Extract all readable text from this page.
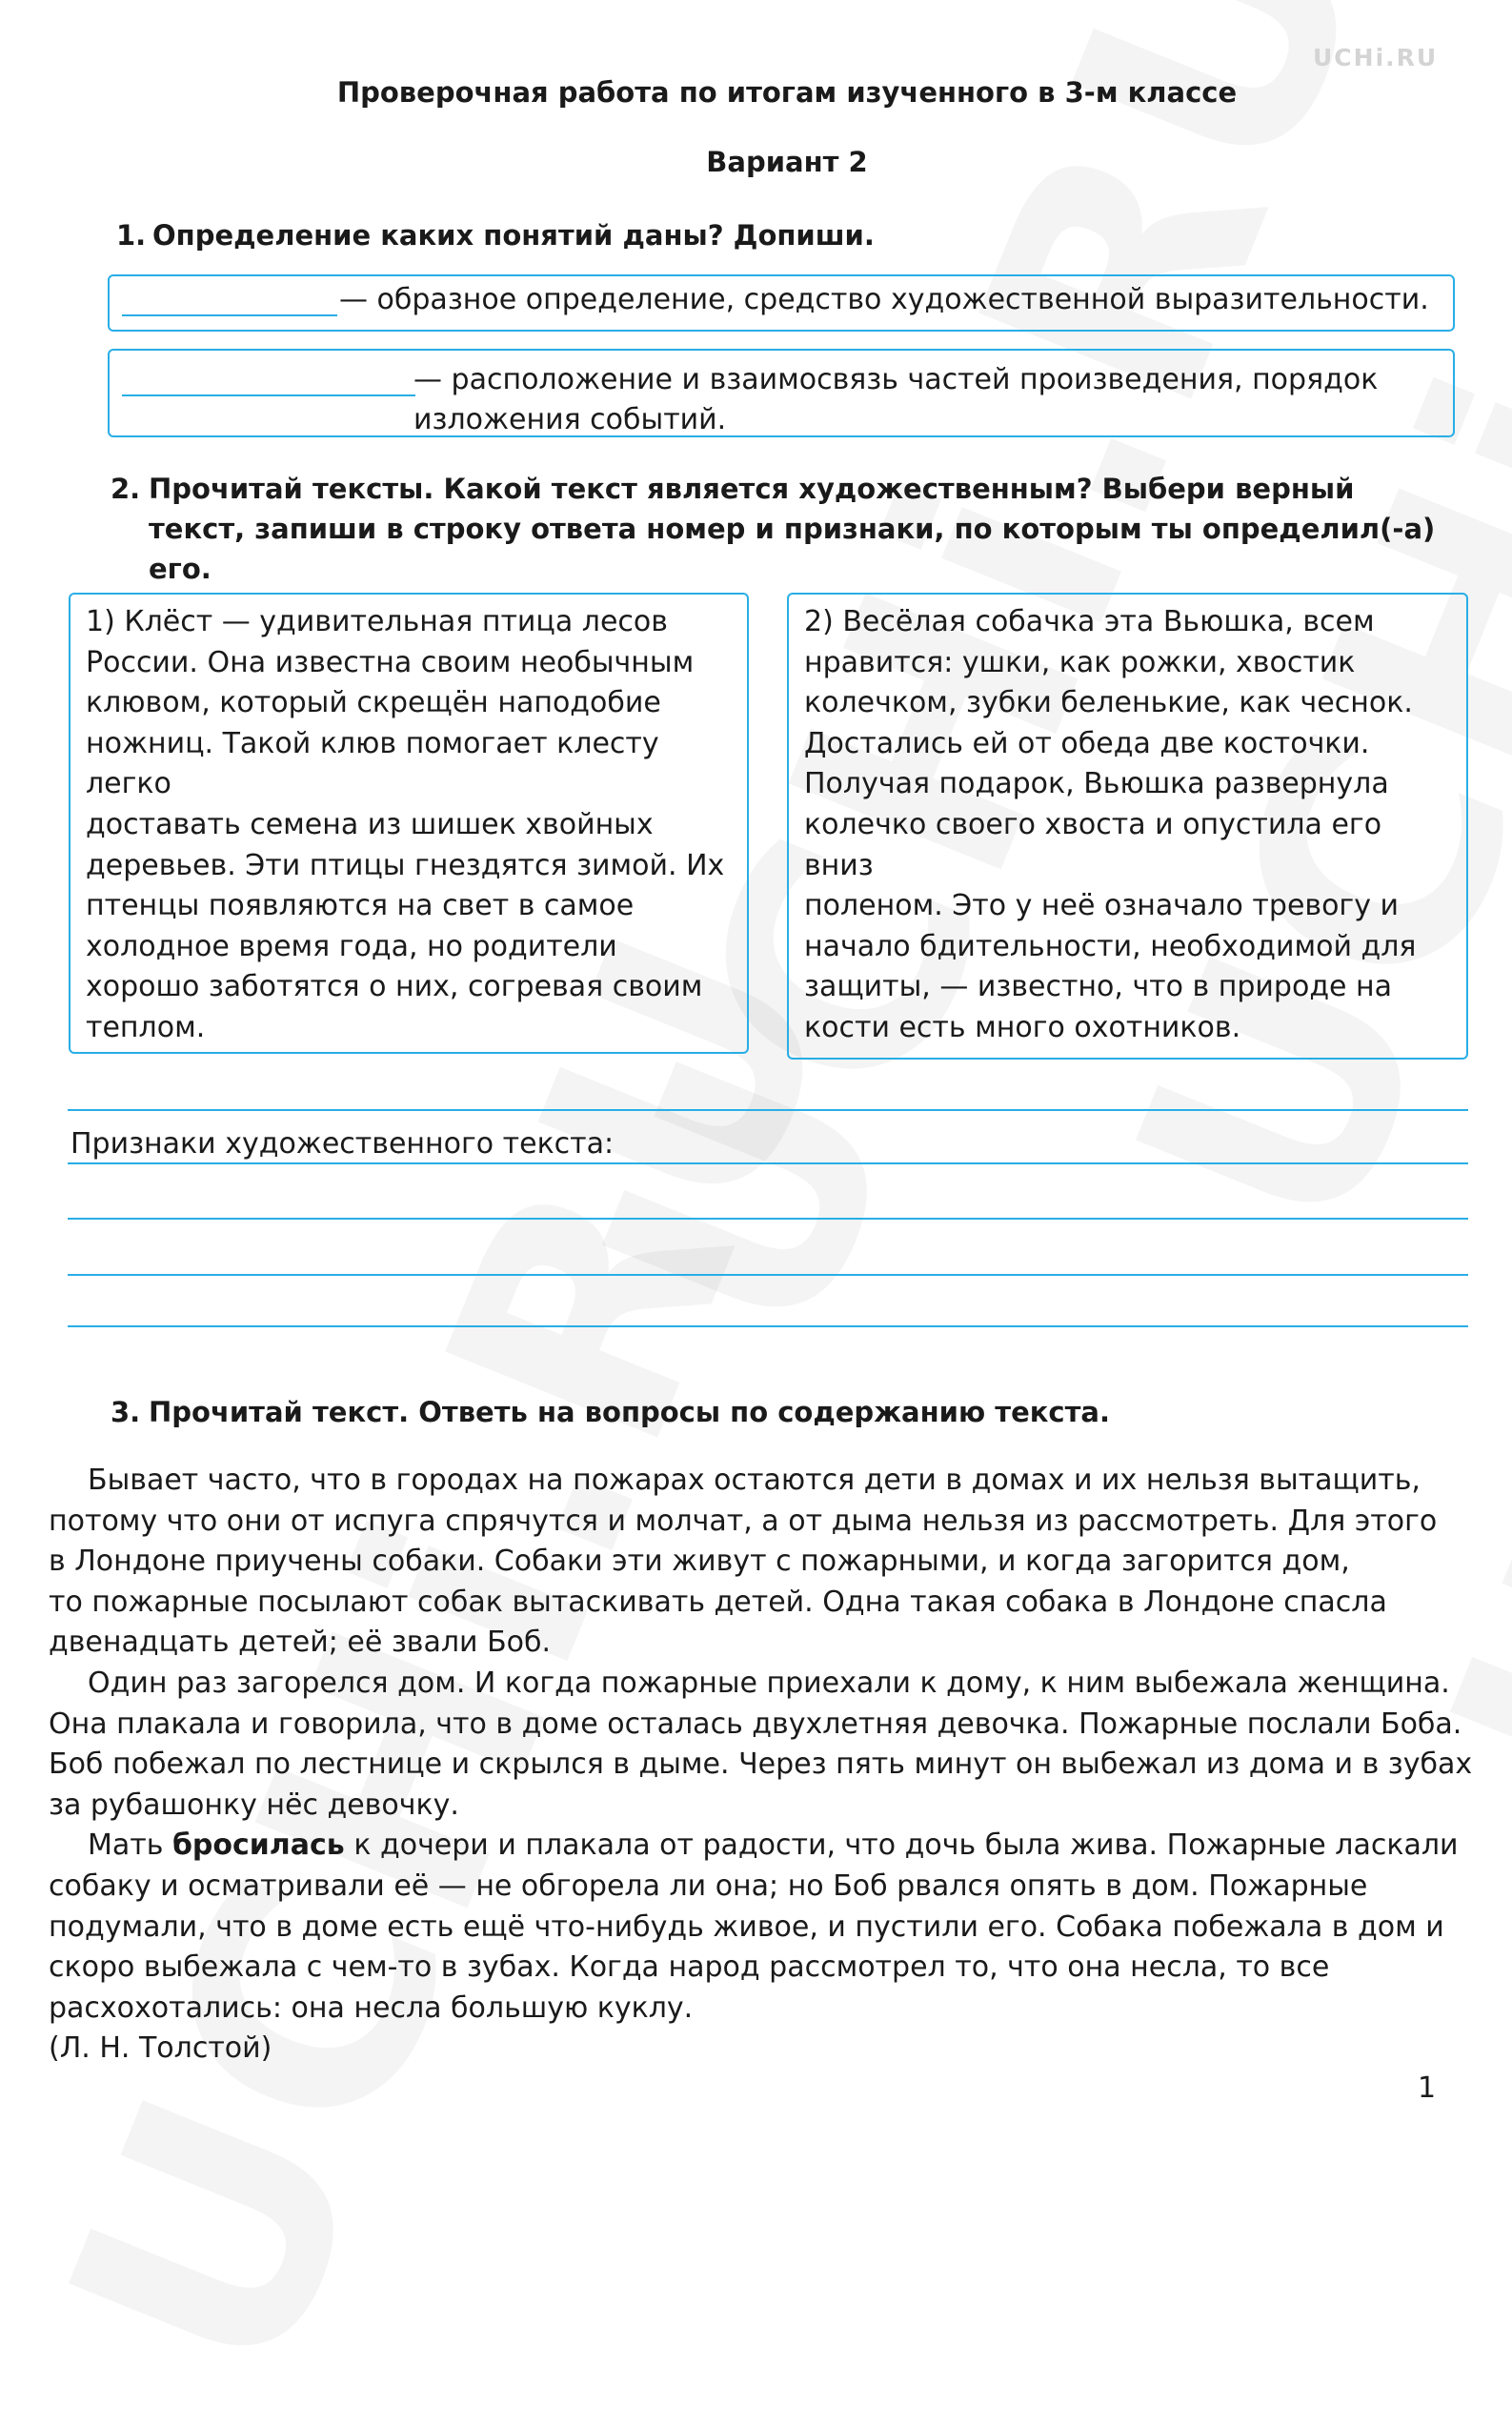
UCHi.RU
Проверочная работа по итогам изученного в 3-м классе
Вариант 2
1. Определение каких понятий даны? Допиши.
— образное определение, средство художественной выразительности.
— расположение и взаимосвязь частей произведения, порядок
изложения событий.
2. Прочитай тексты. Какой текст является художественным? Выбери верный
текст, запиши в строку ответа номер и признаки, по которым ты определил(-а)
его.
1) Клёст — удивительная птица лесов
России. Она известна своим необычным
клювом, который скрещён наподобие
ножниц. Такой клюв помогает клесту легко
доставать семена из шишек хвойных
деревьев. Эти птицы гнездятся зимой. Их
птенцы появляются на свет в самое
холодное время года, но родители
хорошо заботятся о них, согревая своим
теплом.
2) Весёлая собачка эта Вьюшка, всем
нравится: ушки, как рожки, хвостик
колечком, зубки беленькие, как чеснок.
Достались ей от обеда две косточки.
Получая подарок, Вьюшка развернула
колечко своего хвоста и опустила его вниз
поленом. Это у неё означало тревогу и
начало бдительности, необходимой для
защиты, — известно, что в природе на
кости есть много охотников.
Признаки художественного текста:
3. Прочитай текст. Ответь на вопросы по содержанию текста.

Бывает часто, что в городах на пожарах остаются дети в домах и их нельзя вытащить,

потому что они от испуга спрячутся и молчат, а от дыма нельзя из рассмотреть. Для этого

в Лондоне приучены собаки. Собаки эти живут с пожарными, и когда загорится дом,

то пожарные посылают собак вытаскивать детей. Одна такая собака в Лондоне спасла

двенадцать детей; её звали Боб.

Один раз загорелся дом. И когда пожарные приехали к дому, к ним выбежала женщина.

Она плакала и говорила, что в доме осталась двухлетняя девочка. Пожарные послали Боба.

Боб побежал по лестнице и скрылся в дыме. Через пять минут он выбежал из дома и в зубах

за рубашонку нёс девочку.

Мать бросилась к дочери и плакала от радости, что дочь была жива. Пожарные ласкали

собаку и осматривали её — не обгорела ли она; но Боб рвался опять в дом. Пожарные

подумали, что в доме есть ещё что-нибудь живое, и пустили его. Собака побежала в дом и

скоро выбежала с чем-то в зубах. Когда народ рассмотрел то, что она несла, то все

расхохотались: она несла большую куклу.

(Л. Н. Толстой)

1
